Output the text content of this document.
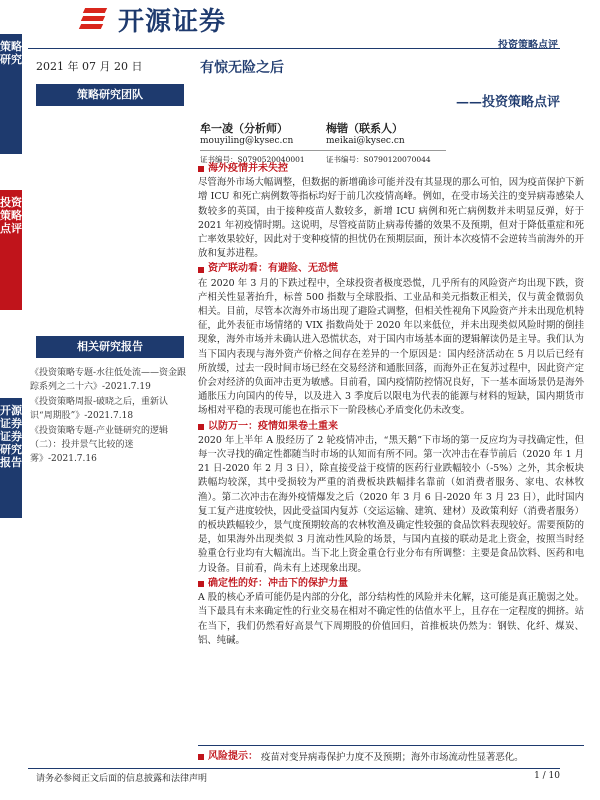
开源证券
投资策略点评
策略研究
投资策略点评
开源证券 证券研究报告
2021 年 07 月 20 日	有惊无险之后
策略研究团队
——投资策略点评
牟一凌（分析师）
mouyiling@kysec.cn
证书编号：S0790520040001
梅锴（联系人）
meikai@kysec.cn
证书编号：S0790120070044
相关研究报告

《投资策略专题-水往低处流——资金跟踪系列之二十六》-2021.7.19

《投资策略周报-破晓之后，重新认识“周期股”》-2021.7.18

《投资策略专题-产业链研究的逻辑（二）：投并景气比较的迷雾》-2021.7.16

海外疫情并未失控
尽管海外市场大幅调整，但数据的新增确诊可能并没有其显现的那么可怕，因为疫苗保护下新增 ICU 和死亡病例数等指标均好于前几次疫情高峰。例如，在受市场关注的变异病毒感染人数较多的英国，由于接种疫苗人数较多，新增 ICU 病例和死亡病例数并未明显反弹，好于 2021 年初疫情时期。这说明，尽管疫苗防止病毒传播的效果不及预期，但对于降低重症和死亡率效果较好，因此对于变种疫情的担忧仍在预期层面，预计本次疫情不会逆转当前海外的开放和复苏进程。
资产联动看：有避险、无恐慌
在 2020 年 3 月的下跌过程中，全球投资者极度恐慌，几乎所有的风险资产均出现下跌，资产相关性显著抬升，标普 500 指数与全球股指、工业品和美元指数正相关，仅与黄金微弱负相关。目前，尽管本次海外市场出现了避险式调整，但相关性视角下风险资产并未出现危机特征，此外表征市场情绪的 VIX 指数尚处于 2020 年以来低位，并未出现类似风险时期的倒挂现象，海外市场并未确认进入恐慌状态，对于国内市场基本面的逻辑解读仍是主导。我们认为当下国内表现与海外资产价格之间存在差异的一个原因是：国内经济活动在 5 月以后已经有所放缓，过去一段时间市场已经在交易经济和通胀回落，而海外正在复苏过程中，因此资产定价会对经济的负面冲击更为敏感。目前看，国内疫情防控情况良好，下一基本面场景仍是海外通胀压力向国内的传导，以及进入 3 季度后以限电为代表的能源与材料的短缺，国内期货市场相对平稳的表现可能也在指示下一阶段核心矛盾变化仍未改变。
以防万一：疫情如果卷土重来
2020 年上半年 A 股经历了 2 轮疫情冲击，“黑天鹅”下市场的第一反应均为寻找确定性，但每一次寻找的确定性都随当时市场的认知而有所不同。第一次冲击在春节前后（2020 年 1 月 21 日-2020 年 2 月 3 日），除直接受益于疫情的医药行业跌幅较小（-5%）之外，其余板块跌幅均较深，其中受损较为严重的消费板块跌幅排名靠前（如消费者服务、家电、农林牧渔）。第二次冲击在海外疫情爆发之后（2020 年 3 月 6 日-2020 年 3 月 23 日），此时国内复工复产进度较快，因此受益国内复苏（交运运输、建筑、建材）及政策利好（消费者服务）的板块跌幅较少，景气度预期较高的农林牧渔及确定性较强的食品饮料表现较好。需要预防的是，如果海外出现类似 3 月流动性风险的场景，与国内直接的联动是北上资金，按照当时经验重仓行业均有大幅流出。当下北上资金重仓行业分布有所调整：主要是食品饮料、医药和电力设备。目前看，尚未有上述现象出现。
确定性的好：冲击下的保护力量
A 股的核心矛盾可能仍是内部的分化，部分结构性的风险并未化解，这可能是真正脆弱之处。当下最具有未来确定性的行业交易在相对不确定性的估值水平上，且存在一定程度的拥挤。站在当下，我们仍然看好高景气下周期股的价值回归，首推板块仍然为：钢铁、化纤、煤炭、铝、纯碱。
风险提示： 疫苗对变异病毒保护力度不及预期；海外市场流动性显著恶化。
请务必参阅正文后面的信息披露和法律声明	1 / 10
